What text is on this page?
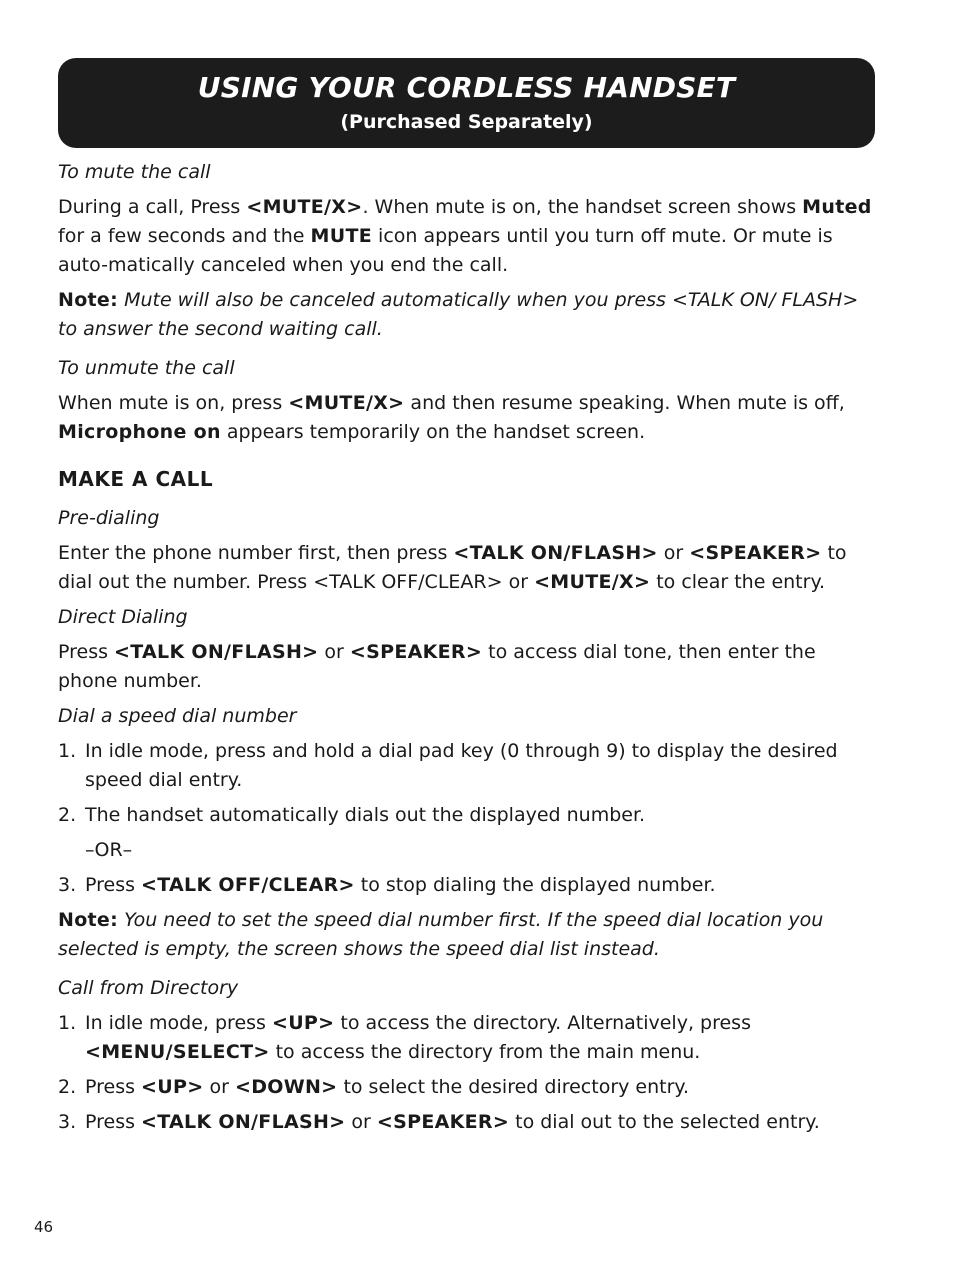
USING YOUR CORDLESS HANDSET
(Purchased Separately)

To mute the call

During a call, Press <MUTE/X>. When mute is on, the handset screen shows Muted for a few seconds and the MUTE icon appears until you turn off mute. Or mute is auto-matically canceled when you end the call.

Note: Mute will also be canceled automatically when you press <TALK ON/ FLASH> to answer the second waiting call.

To unmute the call

When mute is on, press <MUTE/X> and then resume speaking. When mute is off, Microphone on appears temporarily on the handset screen.

MAKE A CALL

Pre-dialing

Enter the phone number first, then press <TALK ON/FLASH> or <SPEAKER> to dial out the number. Press <TALK OFF/CLEAR> or <MUTE/X> to clear the entry.

Direct Dialing

Press <TALK ON/FLASH> or <SPEAKER> to access dial tone, then enter the phone number.

Dial a speed dial number

1. In idle mode, press and hold a dial pad key (0 through 9) to display the desired speed dial entry.
2. The handset automatically dials out the displayed number.

–OR–

3. Press <TALK OFF/CLEAR> to stop dialing the displayed number.

Note: You need to set the speed dial number first. If the speed dial location you selected is empty, the screen shows the speed dial list instead.

Call from Directory

1. In idle mode, press <UP> to access the directory. Alternatively, press <MENU/SELECT> to access the directory from the main menu.
2. Press <UP> or <DOWN> to select the desired directory entry.
3. Press <TALK ON/FLASH> or <SPEAKER> to dial out to the selected entry.
46
